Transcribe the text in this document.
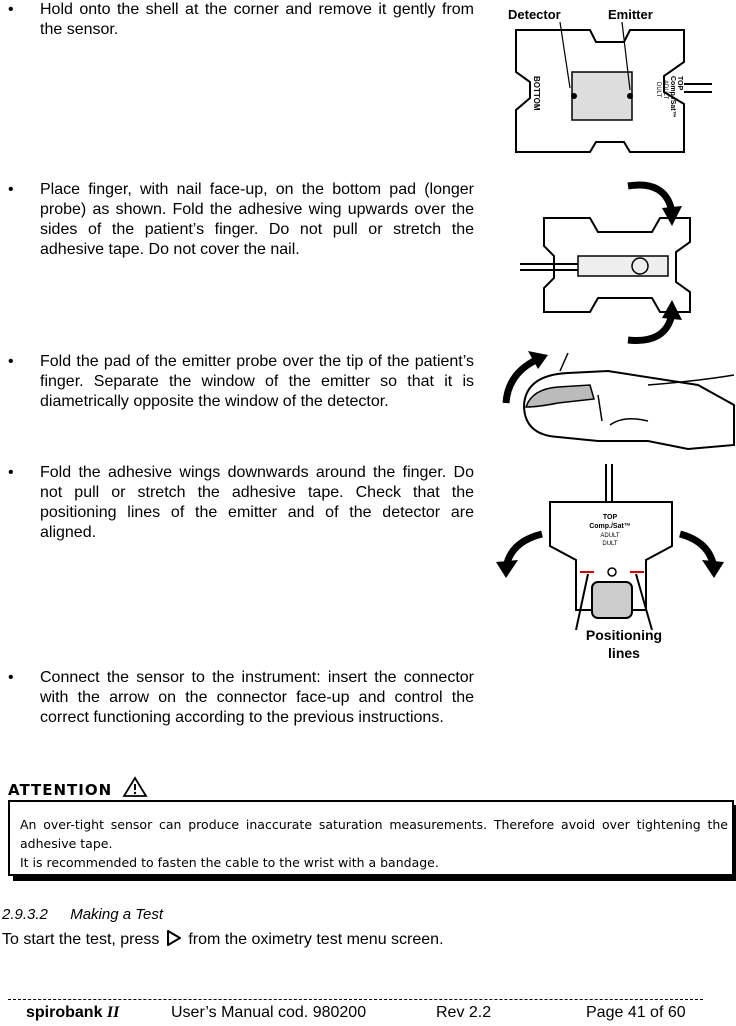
• Hold onto the shell at the corner and remove it gently from the sensor.
• Place finger, with nail face-up, on the bottom pad (longer probe) as shown. Fold the adhesive wing upwards over the sides of the patient’s finger. Do not pull or stretch the adhesive tape. Do not cover the nail.
• Fold the pad of the emitter probe over the tip of the patient’s finger. Separate the window of the emitter so that it is diametrically opposite the window of the detector.
• Fold the adhesive wings downwards around the finger. Do not pull or stretch the adhesive tape. Check that the positioning lines of the emitter and of the detector are aligned.
• Connect the sensor to the instrument: insert the connector with the arrow on the connector face-up and control the correct functioning according to the previous instructions.
Detector	Emitter
BOTTOM	TOP
Comp./Sat™
ADULT
DULT
TOP
Comp./Sat™
ADULT
DULT
Positioning
lines
ATTENTION
An over-tight sensor can produce inaccurate saturation measurements. Therefore avoid over tightening the adhesive tape.
It is recommended to fasten the cable to the wrist with a bandage.
2.9.3.2 Making a Test
To start the test, press from the oximetry test menu screen.
spirobank II	User’s Manual cod. 980200	Rev 2.2	Page 41 of 60
